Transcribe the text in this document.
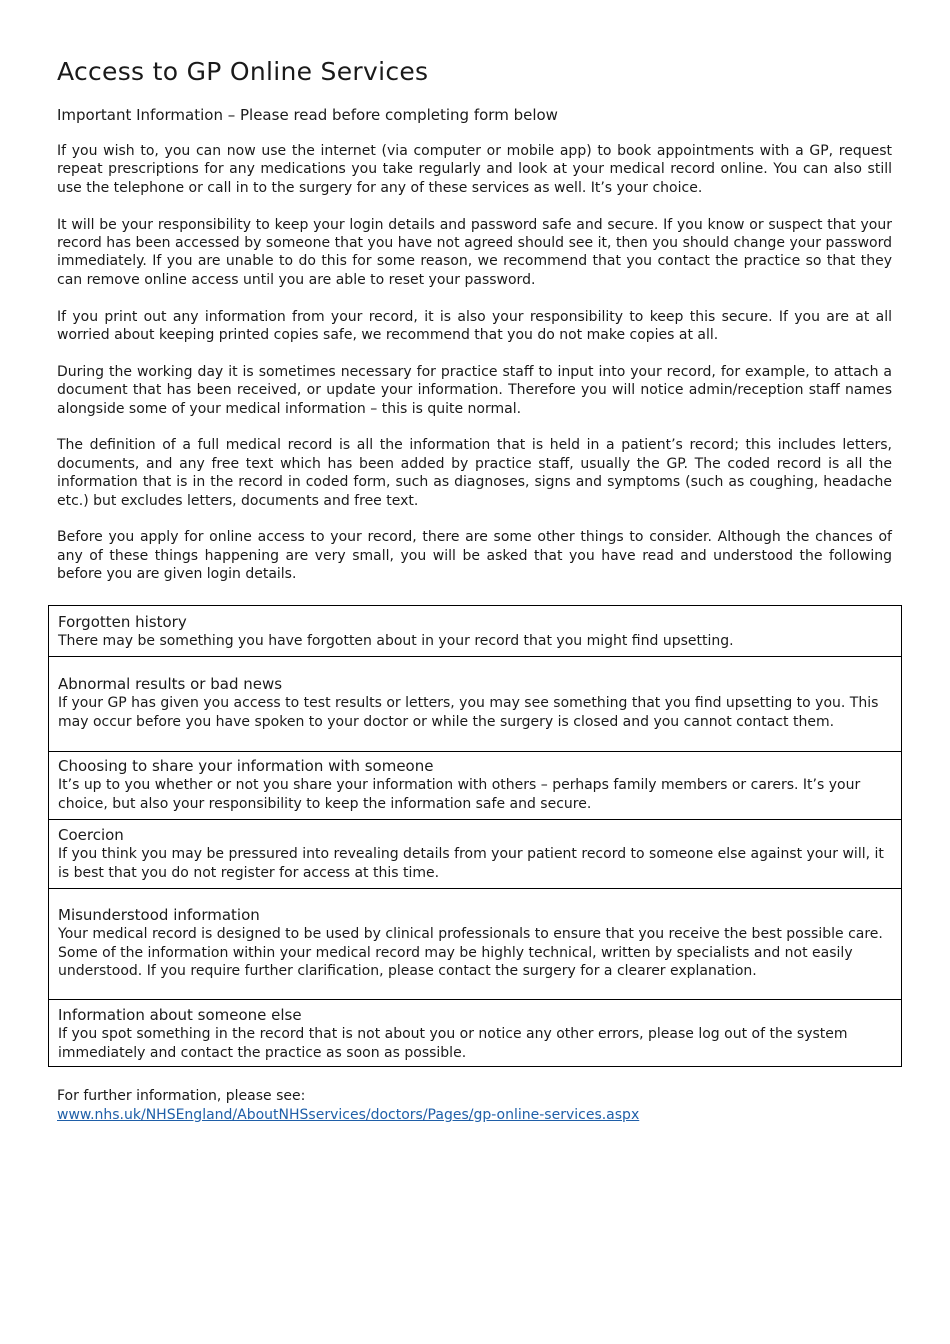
Access to GP Online Services

Important Information – Please read before completing form below

If you wish to, you can now use the internet (via computer or mobile app) to book appointments with a GP, request repeat prescriptions for any medications you take regularly and look at your medical record online. You can also still use the telephone or call in to the surgery for any of these services as well. It’s your choice.

It will be your responsibility to keep your login details and password safe and secure. If you know or suspect that your record has been accessed by someone that you have not agreed should see it, then you should change your password immediately. If you are unable to do this for some reason, we recommend that you contact the practice so that they can remove online access until you are able to reset your password.

If you print out any information from your record, it is also your responsibility to keep this secure. If you are at all worried about keeping printed copies safe, we recommend that you do not make copies at all.

During the working day it is sometimes necessary for practice staff to input into your record, for example, to attach a document that has been received, or update your information. Therefore you will notice admin/reception staff names alongside some of your medical information – this is quite normal.

The definition of a full medical record is all the information that is held in a patient’s record; this includes letters, documents, and any free text which has been added by practice staff, usually the GP. The coded record is all the information that is in the record in coded form, such as diagnoses, signs and symptoms (such as coughing, headache etc.) but excludes letters, documents and free text.

Before you apply for online access to your record, there are some other things to consider. Although the chances of any of these things happening are very small, you will be asked that you have read and understood the following before you are given login details.

Forgotten history

There may be something you have forgotten about in your record that you might find upsetting.

Abnormal results or bad news

If your GP has given you access to test results or letters, you may see something that you find upsetting to you. This may occur before you have spoken to your doctor or while the surgery is closed and you cannot contact them.

Choosing to share your information with someone

It’s up to you whether or not you share your information with others – perhaps family members or carers. It’s your choice, but also your responsibility to keep the information safe and secure.

Coercion

If you think you may be pressured into revealing details from your patient record to someone else against your will, it is best that you do not register for access at this time.

Misunderstood information

Your medical record is designed to be used by clinical professionals to ensure that you receive the best possible care. Some of the information within your medical record may be highly technical, written by specialists and not easily understood. If you require further clarification, please contact the surgery for a clearer explanation.

Information about someone else

If you spot something in the record that is not about you or notice any other errors, please log out of the system immediately and contact the practice as soon as possible.

For further information, please see:
www.nhs.uk/NHSEngland/AboutNHSservices/doctors/Pages/gp-online-services.aspx
